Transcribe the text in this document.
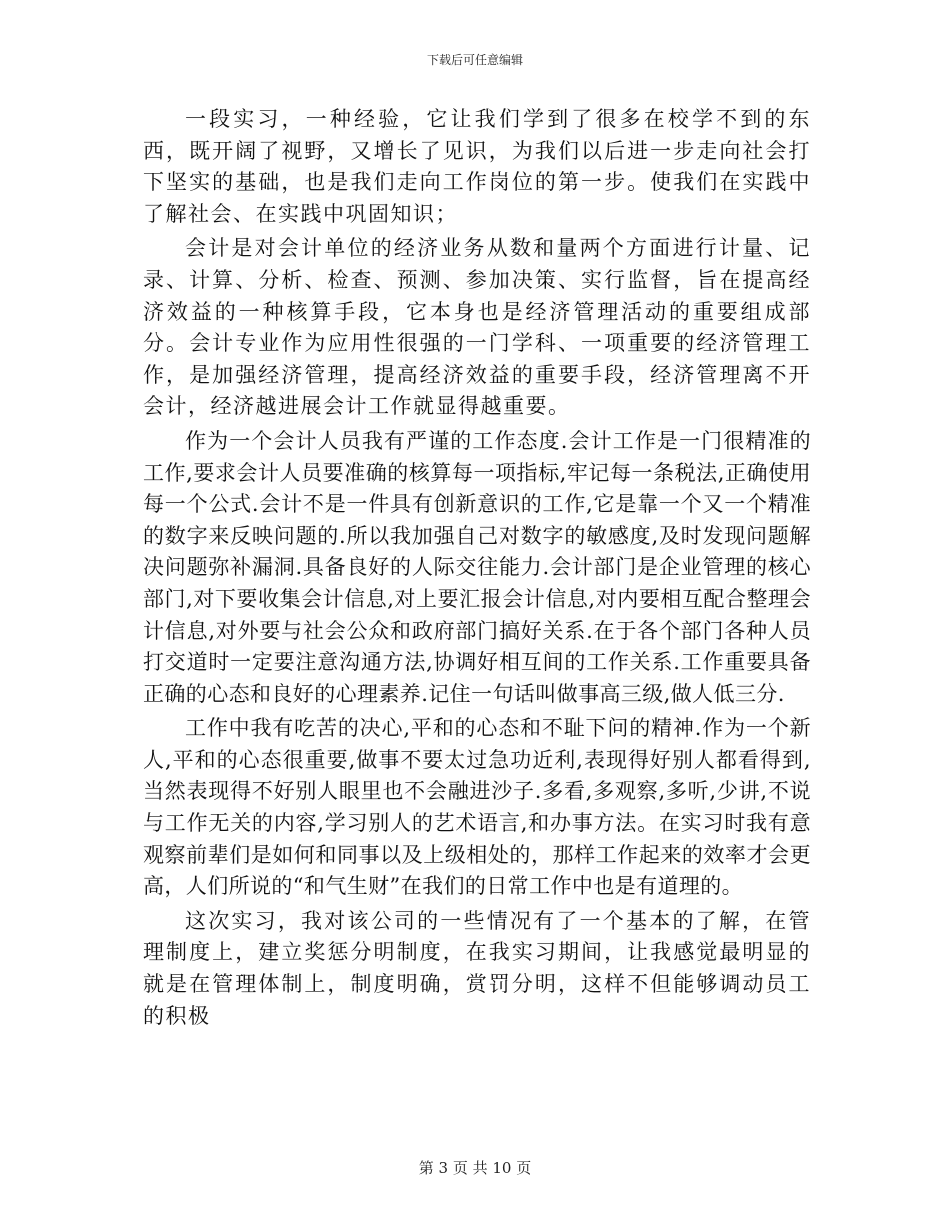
下载后可任意编辑

一段实习，一种经验，它让我们学到了很多在校学不到的东西，既开阔了视野，又增长了见识，为我们以后进一步走向社会打下坚实的基础，也是我们走向工作岗位的第一步。使我们在实践中了解社会、在实践中巩固知识；

会计是对会计单位的经济业务从数和量两个方面进行计量、记录、计算、分析、检查、预测、参加决策、实行监督，旨在提高经济效益的一种核算手段，它本身也是经济管理活动的重要组成部分。会计专业作为应用性很强的一门学科、一项重要的经济管理工作，是加强经济管理，提高经济效益的重要手段，经济管理离不开会计，经济越进展会计工作就显得越重要。

作为一个会计人员我有严谨的工作态度.会计工作是一门很精准的工作,要求会计人员要准确的核算每一项指标,牢记每一条税法,正确使用每一个公式.会计不是一件具有创新意识的工作,它是靠一个又一个精准的数字来反映问题的.所以我加强自己对数字的敏感度,及时发现问题解决问题弥补漏洞.具备良好的人际交往能力.会计部门是企业管理的核心部门,对下要收集会计信息,对上要汇报会计信息,对内要相互配合整理会计信息,对外要与社会公众和政府部门搞好关系.在于各个部门各种人员打交道时一定要注意沟通方法,协调好相互间的工作关系.工作重要具备正确的心态和良好的心理素养.记住一句话叫做事高三级,做人低三分.

工作中我有吃苦的决心,平和的心态和不耻下问的精神.作为一个新人,平和的心态很重要,做事不要太过急功近利,表现得好别人都看得到,当然表现得不好别人眼里也不会融进沙子.多看,多观察,多听,少讲,不说与工作无关的内容,学习别人的艺术语言,和办事方法。在实习时我有意观察前辈们是如何和同事以及上级相处的，那样工作起来的效率才会更高，人们所说的“和气生财”在我们的日常工作中也是有道理的。

这次实习，我对该公司的一些情况有了一个基本的了解，在管理制度上，建立奖惩分明制度，在我实习期间，让我感觉最明显的就是在管理体制上，制度明确，赏罚分明，这样不但能够调动员工的积极

第 3 页 共 10 页
